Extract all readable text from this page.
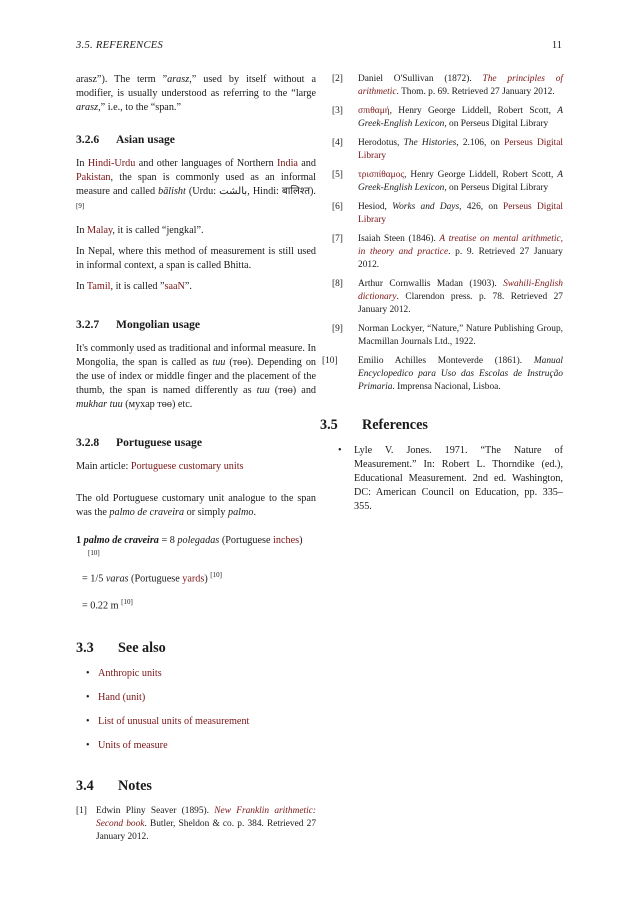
3.5. REFERENCES	11

arasz”). The term ”arasz,” used by itself without a modifier, is usually understood as referring to the “large arasz,” i.e., to the “span.”

3.2.6 Asian usage

In Hindi-Urdu and other languages of Northern India and Pakistan, the span is commonly used as an informal measure and called bālisht (Urdu: بالشت, Hindi: बालिश्त).[9]

In Malay, it is called “jengkal”.

In Nepal, where this method of measurement is still used in informal context, a span is called Bhitta.

In Tamil, it is called ”saaN”.

3.2.7 Mongolian usage

It's commonly used as traditional and informal measure. In Mongolia, the span is called as tuu (төө). Depending on the use of index or middle finger and the placement of the thumb, the span is named differently as tuu (төө) and mukhar tuu (мухар төө) etc.

3.2.8 Portuguese usage

Main article: Portuguese customary units

The old Portuguese customary unit analogue to the span was the palmo de craveira or simply palmo.

1 palmo de craveira = 8 polegadas (Portuguese inches)
[10]
= 1/5 varas (Portuguese yards) [10]
= 0.22 m [10]
3.3 See also
• Anthropic units
• Hand (unit)
• List of unusual units of measurement
• Units of measure
3.4 Notes
[1] Edwin Pliny Seaver (1895). New Franklin arithmetic: Second book. Butler, Sheldon & co. p. 384. Retrieved 27 January 2012.
[2] Daniel O'Sullivan (1872). The principles of arithmetic. Thom. p. 69. Retrieved 27 January 2012.
[3] σπιθαμή, Henry George Liddell, Robert Scott, A Greek-English Lexicon, on Perseus Digital Library
[4] Herodotus, The Histories, 2.106, on Perseus Digital Library
[5] τρισπίθαμος, Henry George Liddell, Robert Scott, A Greek-English Lexicon, on Perseus Digital Library
[6] Hesiod, Works and Days, 426, on Perseus Digital Library
[7] Isaiah Steen (1846). A treatise on mental arithmetic, in theory and practice. p. 9. Retrieved 27 January 2012.
[8] Arthur Cornwallis Madan (1903). Swahili-English dictionary. Clarendon press. p. 78. Retrieved 27 January 2012.
[9] Norman Lockyer, “Nature,” Nature Publishing Group, Macmillan Journals Ltd., 1922.
[10] Emilio Achilles Monteverde (1861). Manual Encyclopedico para Uso das Escolas de Instrução Primaria. Imprensa Nacional, Lisboa.
3.5 References
• Lyle V. Jones. 1971. “The Nature of Measurement.” In: Robert L. Thorndike (ed.), Educational Measurement. 2nd ed. Washington, DC: American Council on Education, pp. 335–355.
